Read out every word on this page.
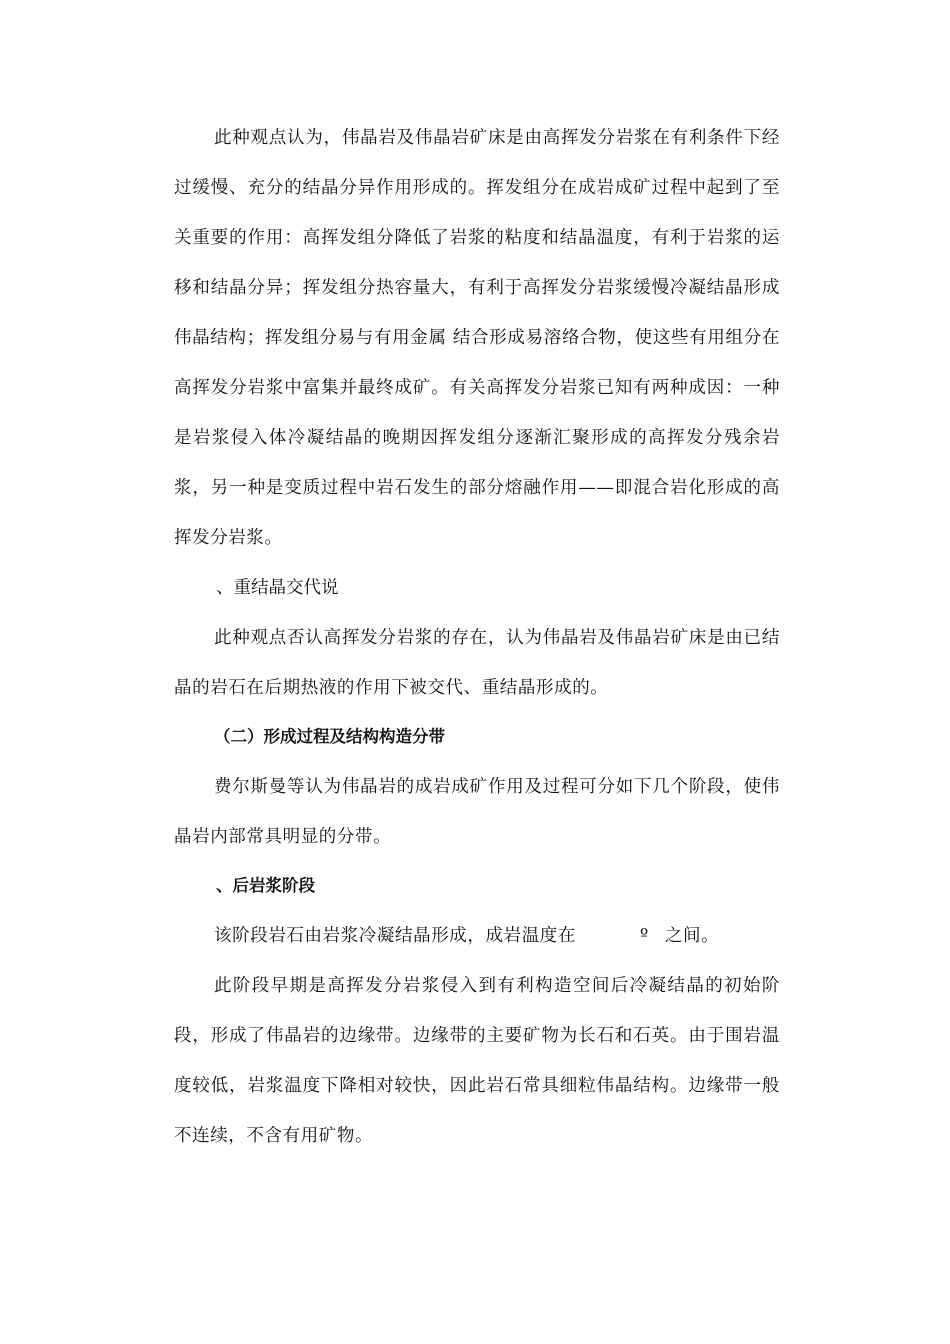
此种观点认为，伟晶岩及伟晶岩矿床是由高挥发分岩浆在有利条件下经过缓慢、充分的结晶分异作用形成的。挥发组分在成岩成矿过程中起到了至关重要的作用：高挥发组分降低了岩浆的粘度和结晶温度，有利于岩浆的运移和结晶分异；挥发组分热容量大，有利于高挥发分岩浆缓慢冷凝结晶形成伟晶结构；挥发组分易与有用金属 结合形成易溶络合物，使这些有用组分在高挥发分岩浆中富集并最终成矿。有关高挥发分岩浆已知有两种成因：一种是岩浆侵入体冷凝结晶的晚期因挥发组分逐渐汇聚形成的高挥发分残余岩浆，另一种是变质过程中岩石发生的部分熔融作用——即混合岩化形成的高挥发分岩浆。

、重结晶交代说

此种观点否认高挥发分岩浆的存在，认为伟晶岩及伟晶岩矿床是由已结晶的岩石在后期热液的作用下被交代、重结晶形成的。

（二）形成过程及结构构造分带

费尔斯曼等认为伟晶岩的成岩成矿作用及过程可分如下几个阶段，使伟晶岩内部常具明显的分带。

、后岩浆阶段

该阶段岩石由岩浆冷凝结晶形成，成岩温度在	º 之间。

此阶段早期是高挥发分岩浆侵入到有利构造空间后冷凝结晶的初始阶段，形成了伟晶岩的边缘带。边缘带的主要矿物为长石和石英。由于围岩温度较低，岩浆温度下降相对较快，因此岩石常具细粒伟晶结构。边缘带一般不连续，不含有用矿物。
